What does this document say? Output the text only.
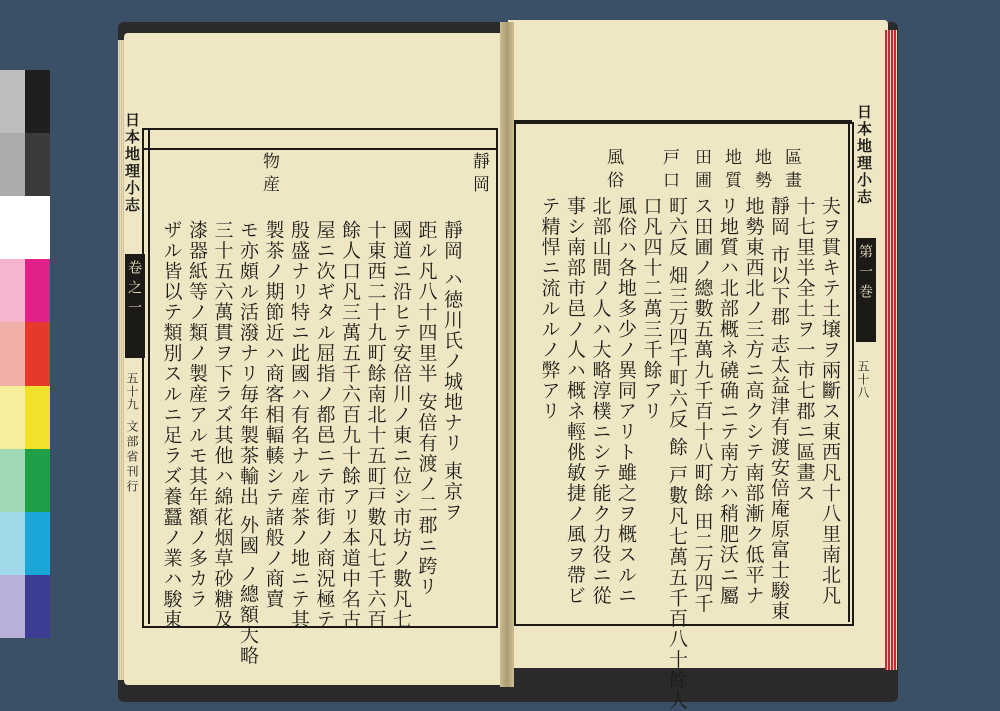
日本地理小志
卷之一
五十九
文部省刊行
靜岡
物産
靜岡 ハ徳川氏ノ城地ナリ 東京ヲ
距ル凡八十四里半 安倍有渡ノ二郡ニ跨リ
國道ニ沿ヒテ安倍川ノ東ニ位シ市坊ノ數凡七
十東西二十九町餘南北十五町戸數凡七千六百
餘人口凡三萬五千六百九十餘アリ本道中名古
屋ニ次ギタル屈指ノ都邑ニテ市街ノ商況極テ
殷盛ナリ特ニ此國ハ有名ナル産茶ノ地ニテ其
製茶ノ期節近ハ商客相輻輳シテ諸般ノ商賣
モ亦頗ル活潑ナリ毎年製茶輸出 外國 ノ總額大略
三十五六萬貫ヲ下ラズ其他ハ綿花烟草砂糖及
漆器紙等ノ類ノ製産アルモ其年額ノ多カラ
ザル皆以テ類別スルニ足ラズ養蠶ノ業ハ駿東
日本地理小志
第一巻
五十八
區畫
地勢
地質
田圃
戸口
風俗
夫ヲ貫キテ土壌ヲ兩斷ス東西凡十八里南北凡
十七里半全土ヲ一市七郡ニ區畫ス
靜岡 市以下郡 志太益津有渡安倍庵原富士駿東
地勢東西北ノ三方ニ高クシテ南部漸ク低平ナ
リ地質ハ北部概ネ磽确ニテ南方ハ稍肥沃ニ屬
ス田圃ノ總數五萬九千百十八町餘 田二万四千
町六反 畑三万四千町六反 餘 戸數凡七萬五千百八十餘人
口凡四十二萬三千餘アリ
風俗ハ各地多少ノ異同アリト雖之ヲ概スルニ
北部山間ノ人ハ大略淳樸ニシテ能ク力役ニ從
事シ南部市邑ノ人ハ概ネ輕佻敏捷ノ風ヲ帶ビ
テ精悍ニ流ルルノ弊アリ
